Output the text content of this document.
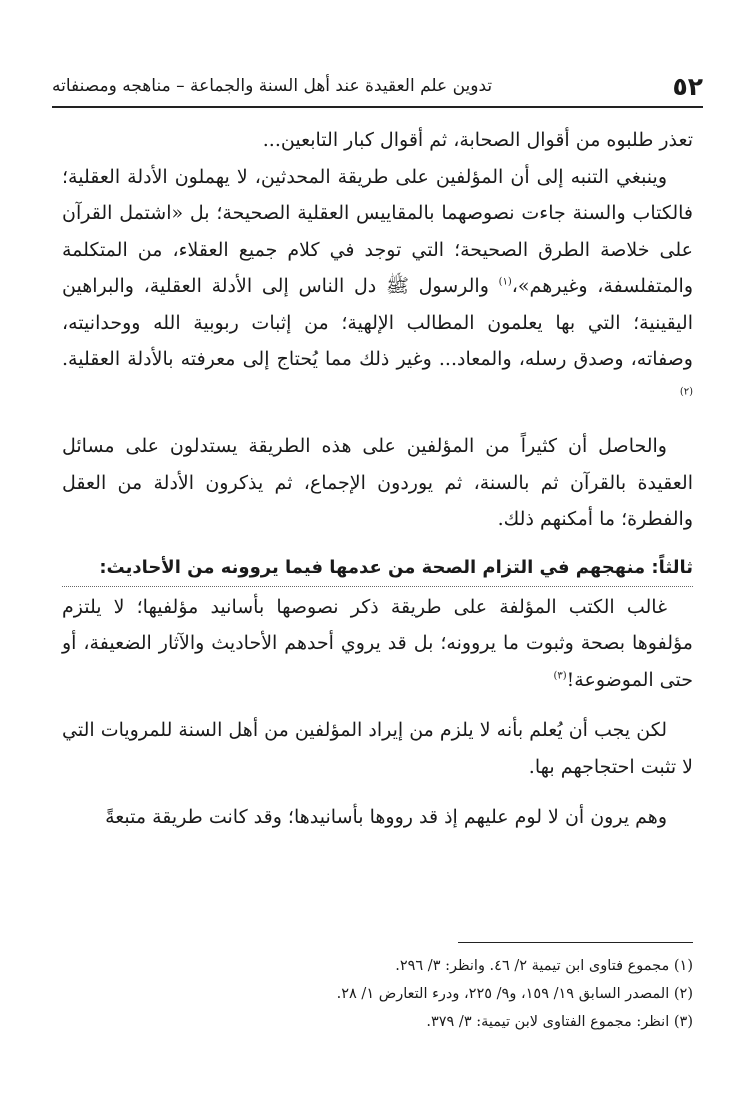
٥٢
تدوين علم العقيدة عند أهل السنة والجماعة – مناهجه ومصنفاته

تعذر طلبوه من أقوال الصحابة، ثم أقوال كبار التابعين...

وينبغي التنبه إلى أن المؤلفين على طريقة المحدثين، لا يهملون الأدلة العقلية؛ فالكتاب والسنة جاءت نصوصهما بالمقاييس العقلية الصحيحة؛ بل «اشتمل القرآن على خلاصة الطرق الصحيحة؛ التي توجد في كلام جميع العقلاء، من المتكلمة والمتفلسفة، وغيرهم»،$^{(١)}$ والرسول ﷺ دل الناس إلى الأدلة العقلية، والبراهين اليقينية؛ التي بها يعلمون المطالب الإلهية؛ من إثبات ربوبية الله ووحدانيته، وصفاته، وصدق رسله، والمعاد... وغير ذلك مما يُحتاج إلى معرفته بالأدلة العقلية.$^{(٢)}$

والحاصل أن كثيراً من المؤلفين على هذه الطريقة يستدلون على مسائل العقيدة بالقرآن ثم بالسنة، ثم يوردون الإجماع، ثم يذكرون الأدلة من العقل والفطرة؛ ما أمكنهم ذلك.

ثالثاً: منهجهم في التزام الصحة من عدمها فيما يروونه من الأحاديث:

غالب الكتب المؤلفة على طريقة ذكر نصوصها بأسانيد مؤلفيها؛ لا يلتزم مؤلفوها بصحة وثبوت ما يروونه؛ بل قد يروي أحدهم الأحاديث والآثار الضعيفة، أو حتى الموضوعة!$^{(٣)}$

لكن يجب أن يُعلم بأنه لا يلزم من إيراد المؤلفين من أهل السنة للمرويات التي لا تثبت احتجاجهم بها.

وهم يرون أن لا لوم عليهم إذ قد رووها بأسانيدها؛ وقد كانت طريقة متبعةً

(١) مجموع فتاوى ابن تيمية ٢/ ٤٦. وانظر: ٣/ ٢٩٦.

(٢) المصدر السابق ١٩/ ١٥٩، و٩/ ٢٢٥، ودرء التعارض ١/ ٢٨.

(٣) انظر: مجموع الفتاوى لابن تيمية: ٣/ ٣٧٩.
